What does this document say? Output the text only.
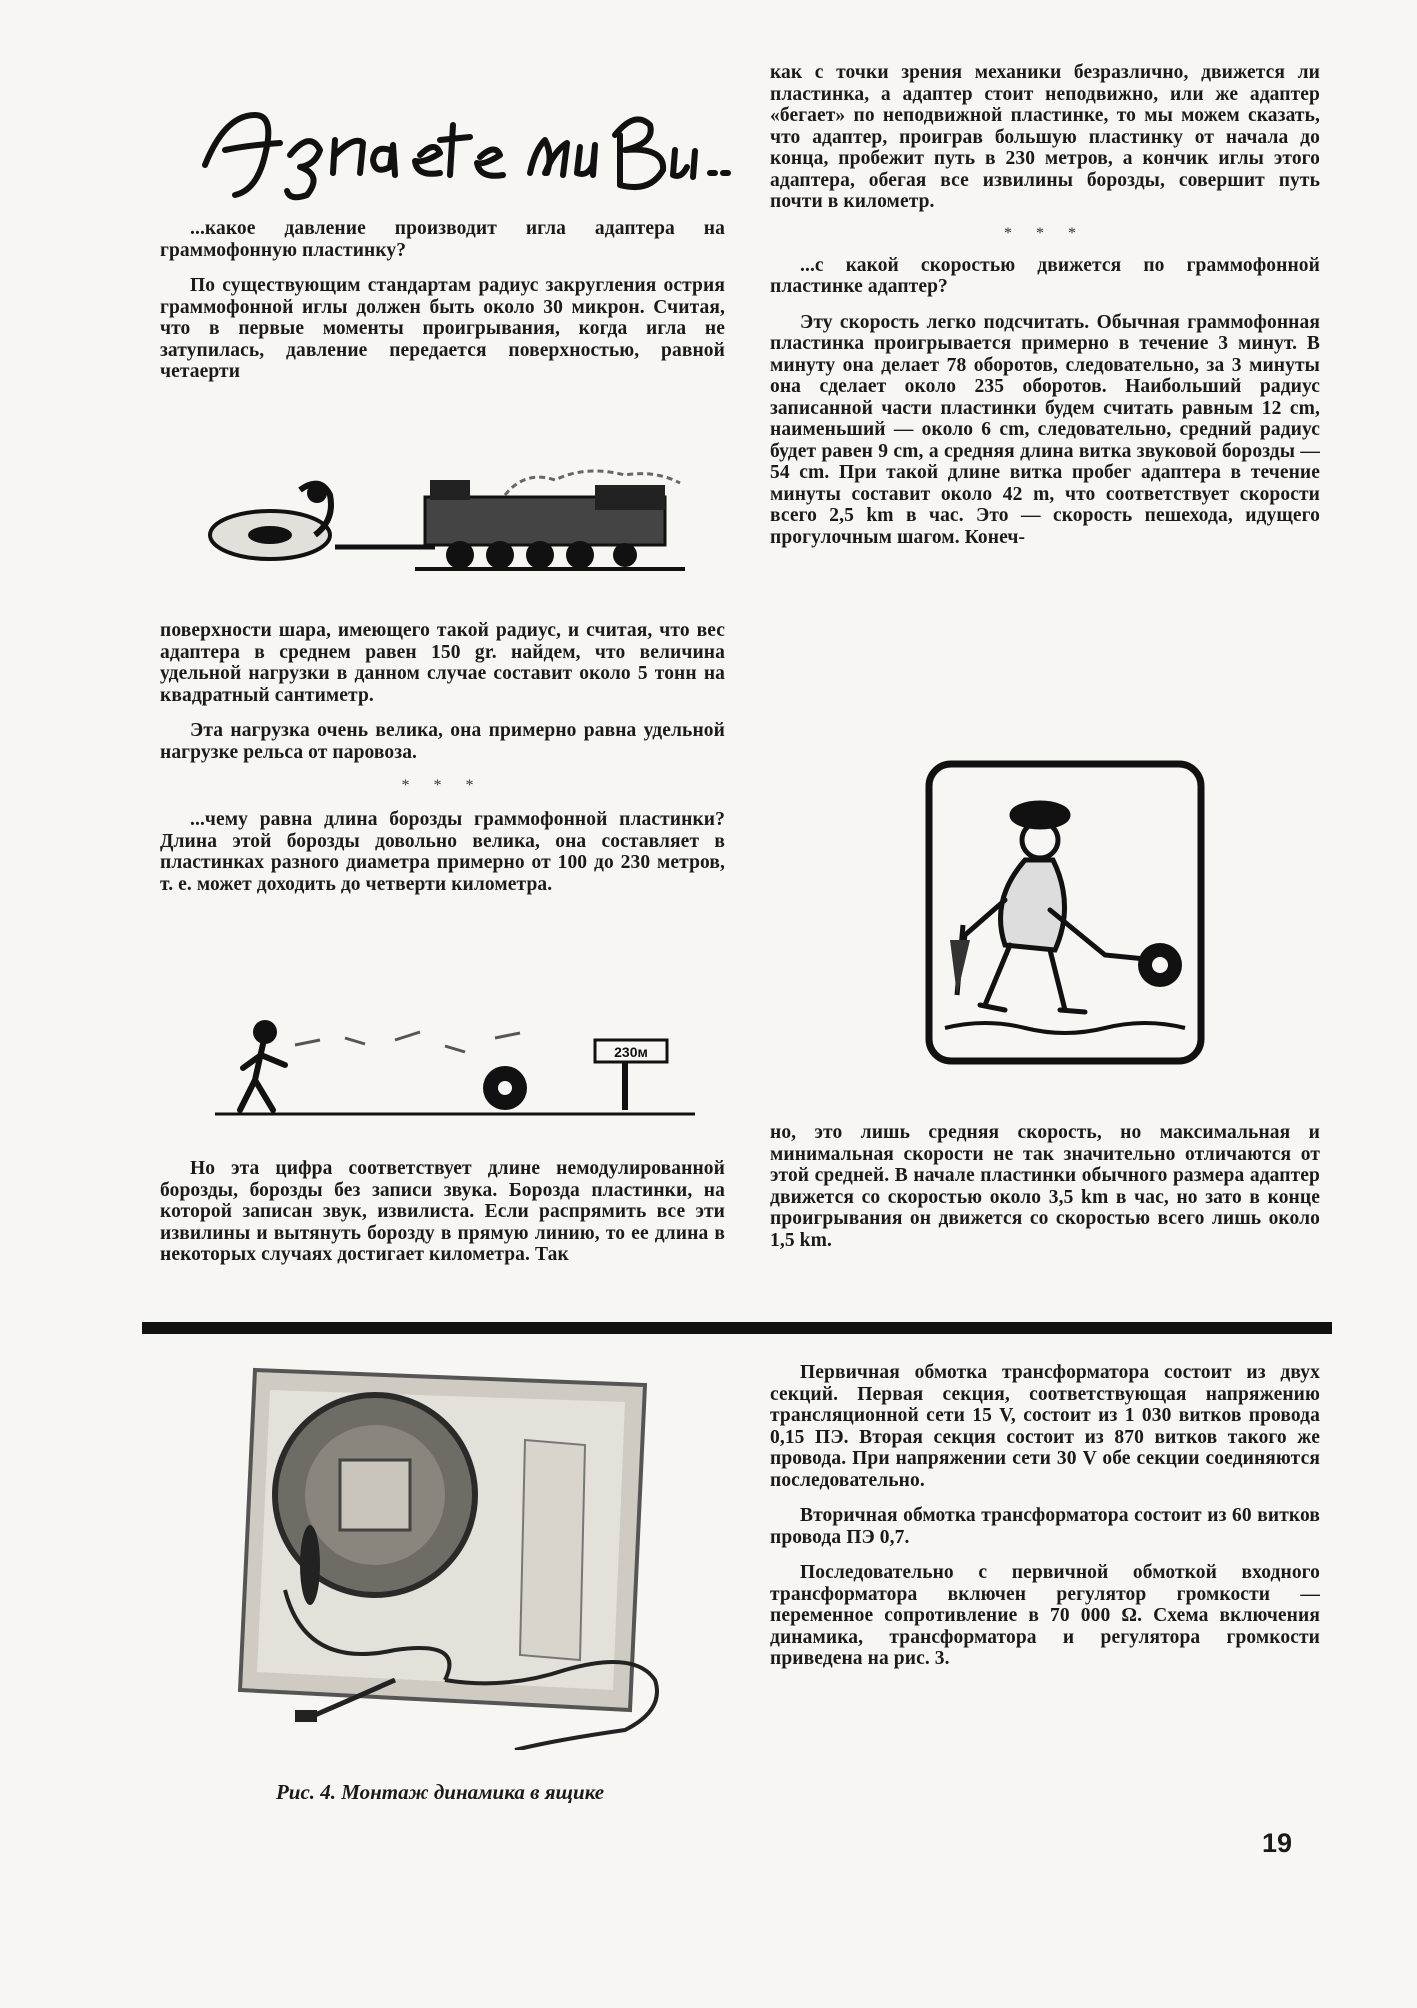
...какое давление производит игла адаптера на граммофонную пластинку?

По существующим стандартам радиус закругления острия граммофонной иглы должен быть около 30 микрон. Считая, что в первые моменты проигрывания, когда игла не затупилась, давление передается поверхностью, равной четаерти

поверхности шара, имеющего такой радиус, и считая, что вес адаптера в среднем равен 150 gr. найдем, что величина удельной нагрузки в данном случае составит около 5 тонн на квадратный сантиметр.

Эта нагрузка очень велика, она примерно равна удельной нагрузке рельса от паровоза.

* * *

...чему равна длина борозды граммофонной пластинки? Длина этой борозды довольно велика, она составляет в пластинках разного диаметра примерно от 100 до 230 метров, т. е. может доходить до четверти километра.

230м

Но эта цифра соответствует длине немодулированной борозды, борозды без записи звука. Борозда пластинки, на которой записан звук, извилиста. Если распрямить все эти извилины и вытянуть борозду в прямую линию, то ее длина в некоторых случаях достигает километра. Так

как с точки зрения механики безразлично, движется ли пластинка, а адаптер стоит неподвижно, или же адаптер «бегает» по неподвижной пластинке, то мы можем сказать, что адаптер, проиграв большую пластинку от начала до конца, пробежит путь в 230 метров, а кончик иглы этого адаптера, обегая все извилины борозды, совершит путь почти в километр.

* * *

...с какой скоростью движется по граммофонной пластинке адаптер?

Эту скорость легко подсчитать. Обычная граммофонная пластинка проигрывается примерно в течение 3 минут. В минуту она делает 78 оборотов, следовательно, за 3 минуты она сделает около 235 оборотов. Наибольший радиус записанной части пластинки будем считать равным 12 cm, наименьший — около 6 cm, следовательно, средний радиус будет равен 9 cm, а средняя длина витка звуковой борозды — 54 cm. При такой длине витка пробег адаптера в течение минуты составит около 42 m, что соответствует скорости всего 2,5 km в час. Это — скорость пешехода, идущего прогулочным шагом. Конеч-

но, это лишь средняя скорость, но максимальная и минимальная скорости не так значительно отличаются от этой средней. В начале пластинки обычного размера адаптер движется со скоростью около 3,5 km в час, но зато в конце проигрывания он движется со скоростью всего лишь около 1,5 km.

Рис. 4. Монтаж динамика в ящике

Первичная обмотка трансформатора состоит из двух секций. Первая секция, соответствующая напряжению трансляционной сети 15 V, состоит из 1 030 витков провода 0,15 ПЭ. Вторая секция состоит из 870 витков такого же провода. При напряжении сети 30 V обе секции соединяются последовательно.

Вторичная обмотка трансформатора состоит из 60 витков провода ПЭ 0,7.

Последовательно с первичной обмоткой входного трансформатора включен регулятор громкости — переменное сопротивление в 70 000 Ω. Схема включения динамика, трансформатора и регулятора громкости приведена на рис. 3.

19
